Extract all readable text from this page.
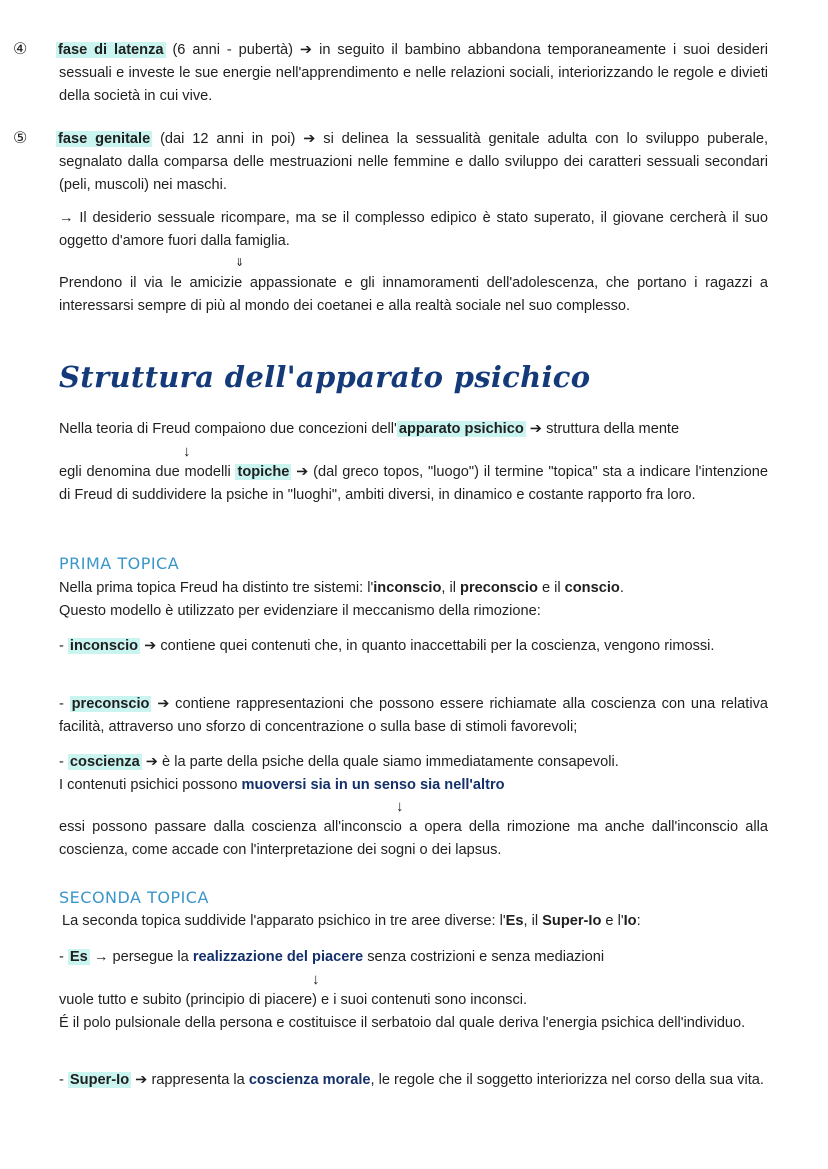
④ fase di latenza (6 anni - pubertà) ➔ in seguito il bambino abbandona temporaneamente i suoi desideri sessuali e investe le sue energie nell'apprendimento e nelle relazioni sociali, interiorizzando le regole e divieti della società in cui vive.

⑤ fase genitale (dai 12 anni in poi) ➔ si delinea la sessualità genitale adulta con lo sviluppo puberale, segnalato dalla comparsa delle mestruazioni nelle femmine e dallo sviluppo dei caratteri sessuali secondari (peli, muscoli) nei maschi.

→ Il desiderio sessuale ricompare, ma se il complesso edipico è stato superato, il giovane cercherà il suo oggetto d'amore fuori dalla famiglia.

⇓

Prendono il via le amicizie appassionate e gli innamoramenti dell'adolescenza, che portano i ragazzi a interessarsi sempre di più al mondo dei coetanei e alla realtà sociale nel suo complesso.

Struttura dell'apparato psichico

Nella teoria di Freud compaiono due concezioni dell' apparato psichico ➔ struttura della mente

↓

egli denomina due modelli topiche ➔ (dal greco topos, "luogo") il termine "topica" sta a indicare l'intenzione di Freud di suddividere la psiche in "luoghi", ambiti diversi, in dinamico e costante rapporto fra loro.

PRIMA TOPICA

Nella prima topica Freud ha distinto tre sistemi: l'inconscio, il preconscio e il conscio.

Questo modello è utilizzato per evidenziare il meccanismo della rimozione:

- inconscio ➔ contiene quei contenuti che, in quanto inaccettabili per la coscienza, vengono rimossi.

- preconscio ➔ contiene rappresentazioni che possono essere richiamate alla coscienza con una relativa facilità, attraverso uno sforzo di concentrazione o sulla base di stimoli favorevoli;

- coscienza ➔ è la parte della psiche della quale siamo immediatamente consapevoli.

I contenuti psichici possono muoversi sia in un senso sia nell'altro

↓

essi possono passare dalla coscienza all'inconscio a opera della rimozione ma anche dall'inconscio alla coscienza, come accade con l'interpretazione dei sogni o dei lapsus.

SECONDA TOPICA

La seconda topica suddivide l'apparato psichico in tre aree diverse: l'Es, il Super-Io e l'Io:

- Es → persegue la realizzazione del piacere senza costrizioni e senza mediazioni

↓

vuole tutto e subito (principio di piacere) e i suoi contenuti sono inconsci.

É il polo pulsionale della persona e costituisce il serbatoio dal quale deriva l'energia psichica dell'individuo.

- Super-Io ➔ rappresenta la coscienza morale, le regole che il soggetto interiorizza nel corso della sua vita.
